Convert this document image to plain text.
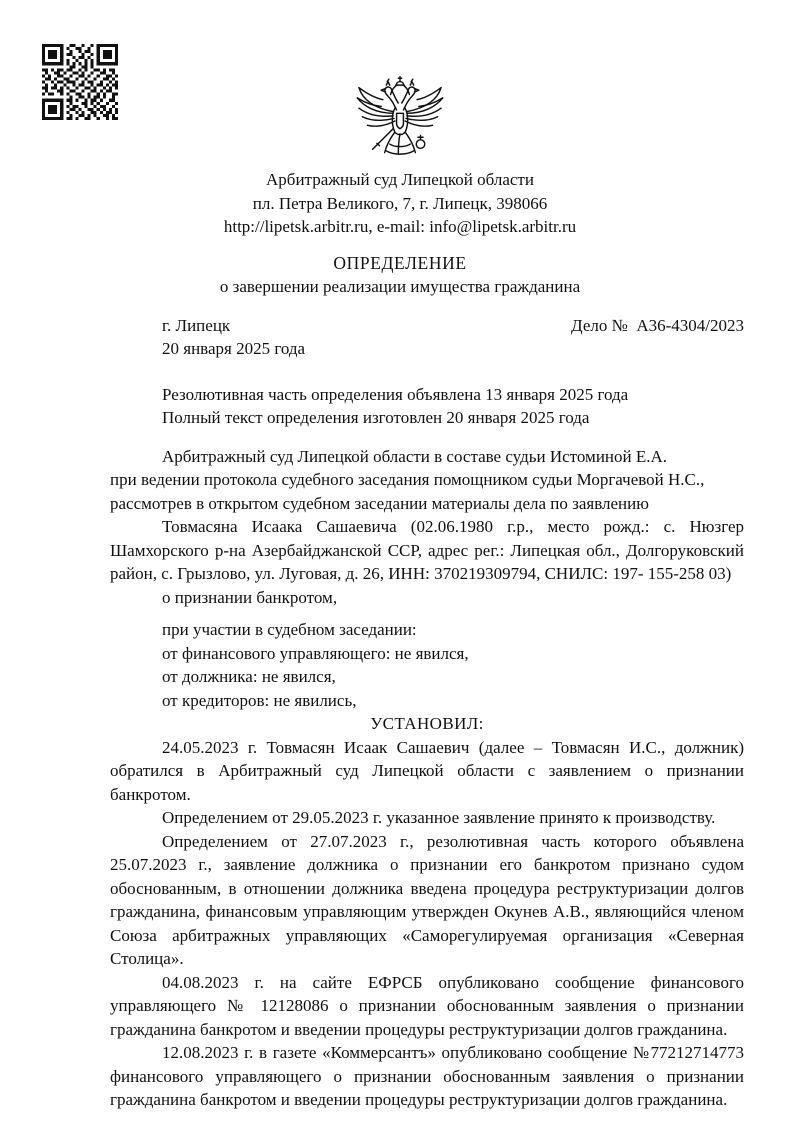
Арбитражный суд Липецкой области
пл. Петра Великого, 7, г. Липецк, 398066
http://lipetsk.arbitr.ru, e-mail: info@lipetsk.arbitr.ru
ОПРЕДЕЛЕНИЕ
о завершении реализации имущества гражданина
г. Липецк
20 января 2025 года
Дело №  А36-4304/2023

Резолютивная часть определения объявлена 13 января 2025 года

Полный текст определения изготовлен 20 января 2025 года

Арбитражный суд Липецкой области в составе судьи Истоминой Е.А.

при ведении протокола судебного заседания помощником судьи Моргачевой Н.С.,

рассмотрев в открытом судебном заседании материалы дела по заявлению

Товмасяна Исаака Сашаевича (02.06.1980 г.р., место рожд.: с. Нюзгер Шамхорского р-на Азербайджанской ССР, адрес рег.: Липецкая обл., Долгоруковский район, с. Грызлово, ул. Луговая, д. 26, ИНН: 370219309794, СНИЛС: 197- 155-258 03)

о признании банкротом,

при участии в судебном заседании:

от финансового управляющего: не явился,

от должника: не явился,

от кредиторов: не явились,

УСТАНОВИЛ:

24.05.2023 г. Товмасян Исаак Сашаевич (далее – Товмасян И.С., должник) обратился в Арбитражный суд Липецкой области с заявлением о признании банкротом.

Определением от 29.05.2023 г. указанное заявление принято к производству.

Определением от 27.07.2023 г., резолютивная часть которого объявлена 25.07.2023 г., заявление должника о признании его банкротом признано судом обоснованным, в отношении должника введена процедура реструктуризации долгов гражданина, финансовым управляющим утвержден Окунев А.В., являющийся членом Союза арбитражных управляющих «Саморегулируемая организация «Северная Столица».

04.08.2023 г. на сайте ЕФРСБ опубликовано сообщение финансового управляющего № 12128086 о признании обоснованным заявления о признании гражданина банкротом и введении процедуры реструктуризации долгов гражданина.

12.08.2023 г. в газете «Коммерсантъ» опубликовано сообщение №77212714773 финансового управляющего о признании обоснованным заявления о признании гражданина банкротом и введении процедуры реструктуризации долгов гражданина.
